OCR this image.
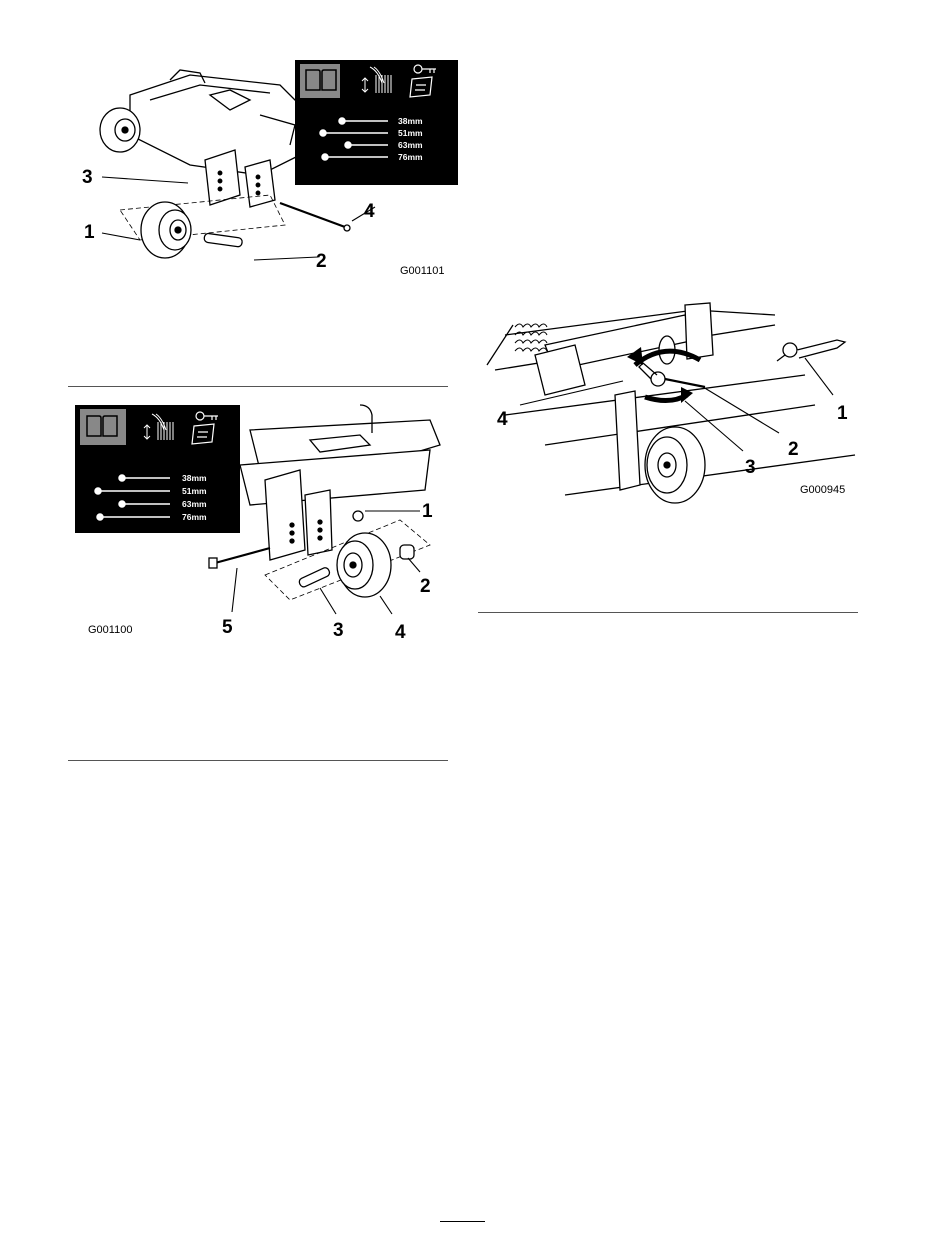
38mm
51mm
63mm
76mm
1
2
3
4
G001101
38mm
51mm
63mm
76mm	1
2
3	4
5
G001100
1
2
3
4
G000945
